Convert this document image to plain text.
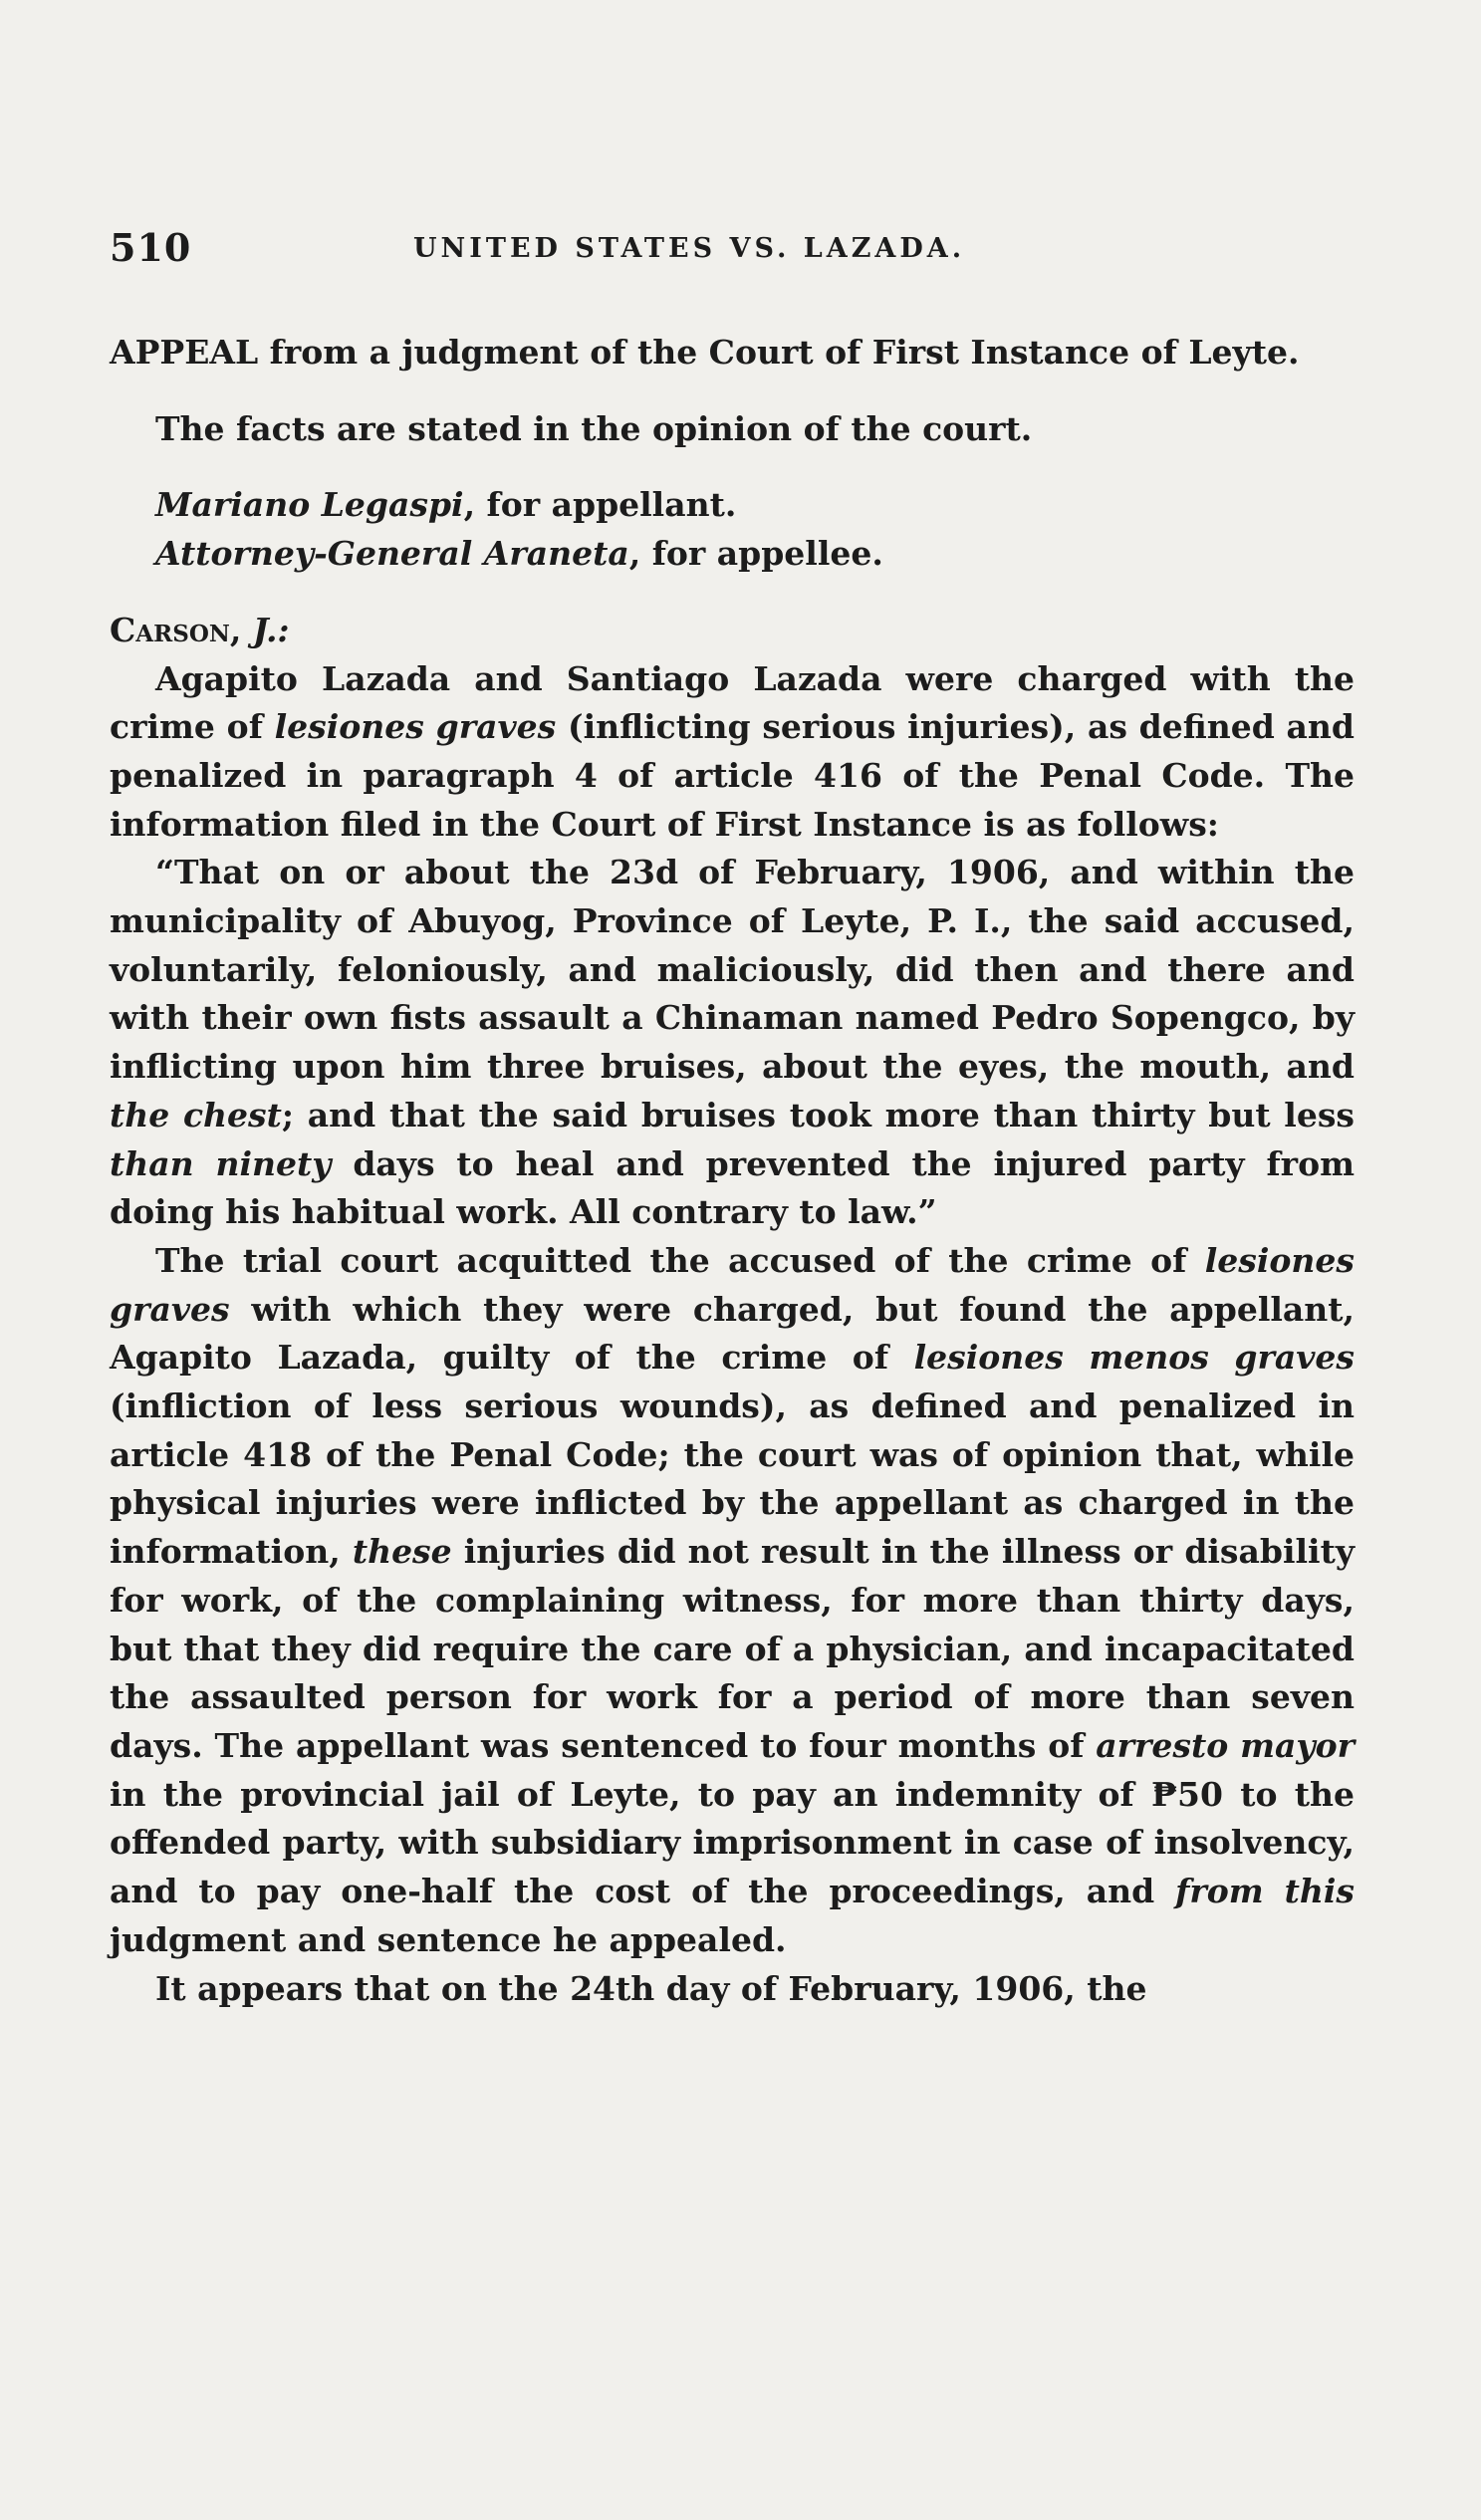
510	UNITED STATES VS. LAZADA.

APPEAL from a judgment of the Court of First Instance of Leyte.

The facts are stated in the opinion of the court.

Mariano Legaspi, for appellant.

Attorney-General Araneta, for appellee.

Carson, J.:

Agapito Lazada and Santiago Lazada were charged with the crime of lesiones graves (inflicting serious injuries), as defined and penalized in paragraph 4 of article 416 of the Penal Code. The information filed in the Court of First Instance is as follows:

“That on or about the 23d of February, 1906, and within the municipality of Abuyog, Province of Leyte, P. I., the said accused, voluntarily, feloniously, and maliciously, did then and there and with their own fists assault a Chinaman named Pedro Sopengco, by inflicting upon him three bruises, about the eyes, the mouth, and the chest; and that the said bruises took more than thirty but less than ninety days to heal and prevented the injured party from doing his habitual work. All contrary to law.”

The trial court acquitted the accused of the crime of lesiones graves with which they were charged, but found the appellant, Agapito Lazada, guilty of the crime of lesiones menos graves (infliction of less serious wounds), as defined and penalized in article 418 of the Penal Code; the court was of opinion that, while physical injuries were inflicted by the appellant as charged in the information, these injuries did not result in the illness or disability for work, of the complaining witness, for more than thirty days, but that they did require the care of a physician, and incapacitated the assaulted person for work for a period of more than seven days. The appellant was sentenced to four months of arresto mayor in the provincial jail of Leyte, to pay an indemnity of ₱50 to the offended party, with subsidiary imprisonment in case of insolvency, and to pay one-half the cost of the proceedings, and from this judgment and sentence he appealed.

It appears that on the 24th day of February, 1906, the
